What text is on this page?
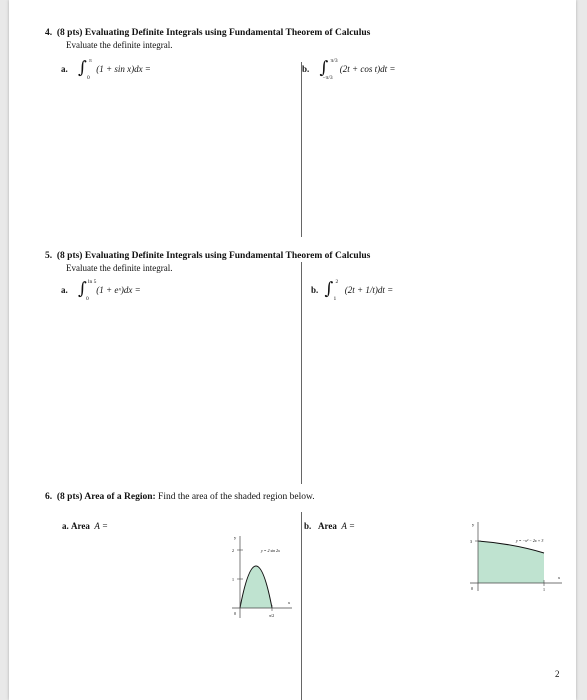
4. (8 pts) Evaluating Definite Integrals using Fundamental Theorem of Calculus
Evaluate the definite integral.
a. ∫ π
0
(1 + sin x)dx =	b. ∫ π/3
−π/3
(2t + cos t)dt =
5. (8 pts) Evaluating Definite Integrals using Fundamental Theorem of Calculus
Evaluate the definite integral.
a. ∫ ln 5
0
(1 + eˣ)dx =	b. ∫ 2
1
(2t + 1/t)dt =
6. (8 pts) Area of a Region: Find the area of the shaded region below.
a. Area A =	b. Area A =
y
x
y = 2 sin 2x
2
1
0	π/2
y
x
y = −x³ − 2x + 3
3
0	1
2
